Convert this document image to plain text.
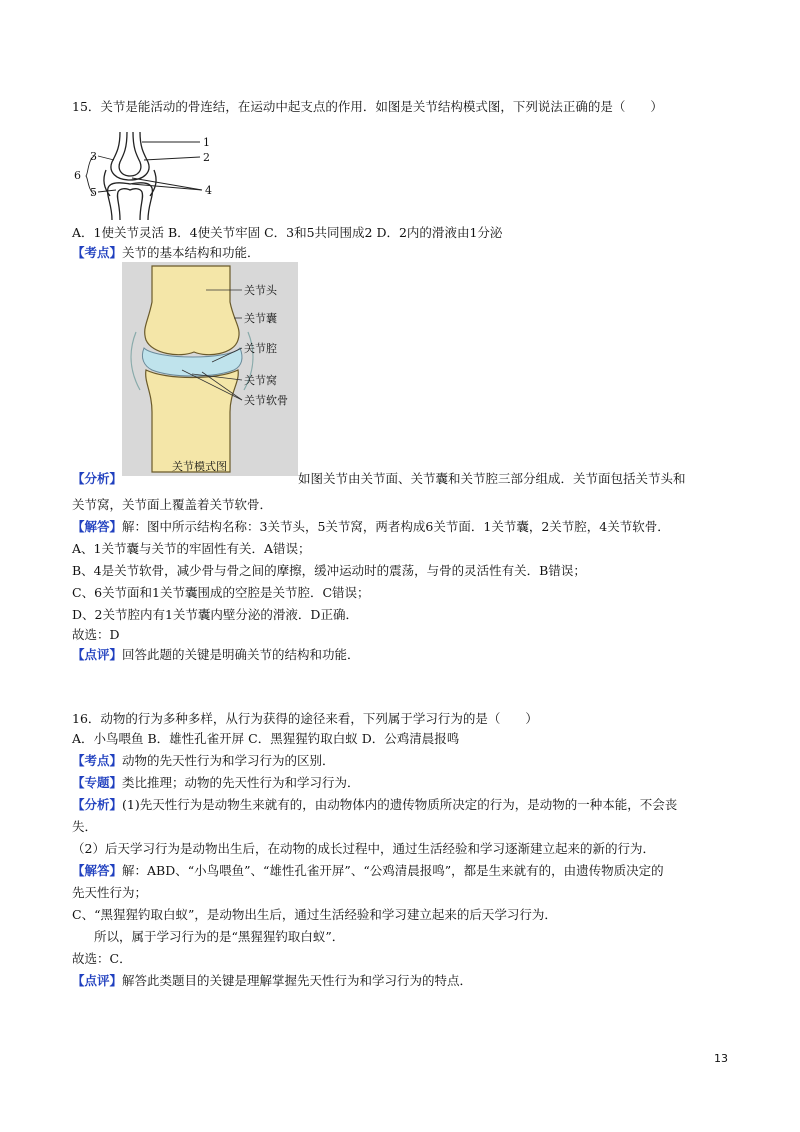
15．关节是能活动的骨连结，在运动中起支点的作用．如图是关节结构模式图，下列说法正确的是（　　）
1
2
3
4
5
6
A．1使关节灵活 B．4使关节牢固 C．3和5共同围成2 D．2内的滑液由1分泌
【考点】关节的基本结构和功能．
关节头
关节囊
关节腔
关节窝
关节软骨
关节模式图
【分析】	如图关节由关节面、关节囊和关节腔三部分组成．关节面包括关节头和
关节窝，关节面上覆盖着关节软骨．
【解答】解：图中所示结构名称：3关节头，5关节窝，两者构成6关节面．1关节囊，2关节腔，4关节软骨．
A、1关节囊与关节的牢固性有关．A错误；
B、4是关节软骨，减少骨与骨之间的摩擦，缓冲运动时的震荡，与骨的灵活性有关．B错误；
C、6关节面和1关节囊围成的空腔是关节腔．C错误；
D、2关节腔内有1关节囊内壁分泌的滑液．D正确．
故选：D
【点评】回答此题的关键是明确关节的结构和功能．
16．动物的行为多种多样，从行为获得的途径来看，下列属于学习行为的是（　　）
A．小鸟喂鱼 B．雄性孔雀开屏 C．黑猩猩钓取白蚁 D．公鸡清晨报鸣
【考点】动物的先天性行为和学习行为的区别．
【专题】类比推理；动物的先天性行为和学习行为．
【分析】(1)先天性行为是动物生来就有的，由动物体内的遗传物质所决定的行为，是动物的一种本能，不会丧
失．
（2）后天学习行为是动物出生后，在动物的成长过程中，通过生活经验和学习逐渐建立起来的新的行为．
【解答】解：ABD、“小鸟喂鱼”、“雄性孔雀开屏”、“公鸡清晨报鸣”，都是生来就有的，由遗传物质决定的
先天性行为；
C、“黑猩猩钓取白蚁”，是动物出生后，通过生活经验和学习建立起来的后天学习行为．
所以，属于学习行为的是“黑猩猩钓取白蚁”．
故选：C．
【点评】解答此类题目的关键是理解掌握先天性行为和学习行为的特点．
13
